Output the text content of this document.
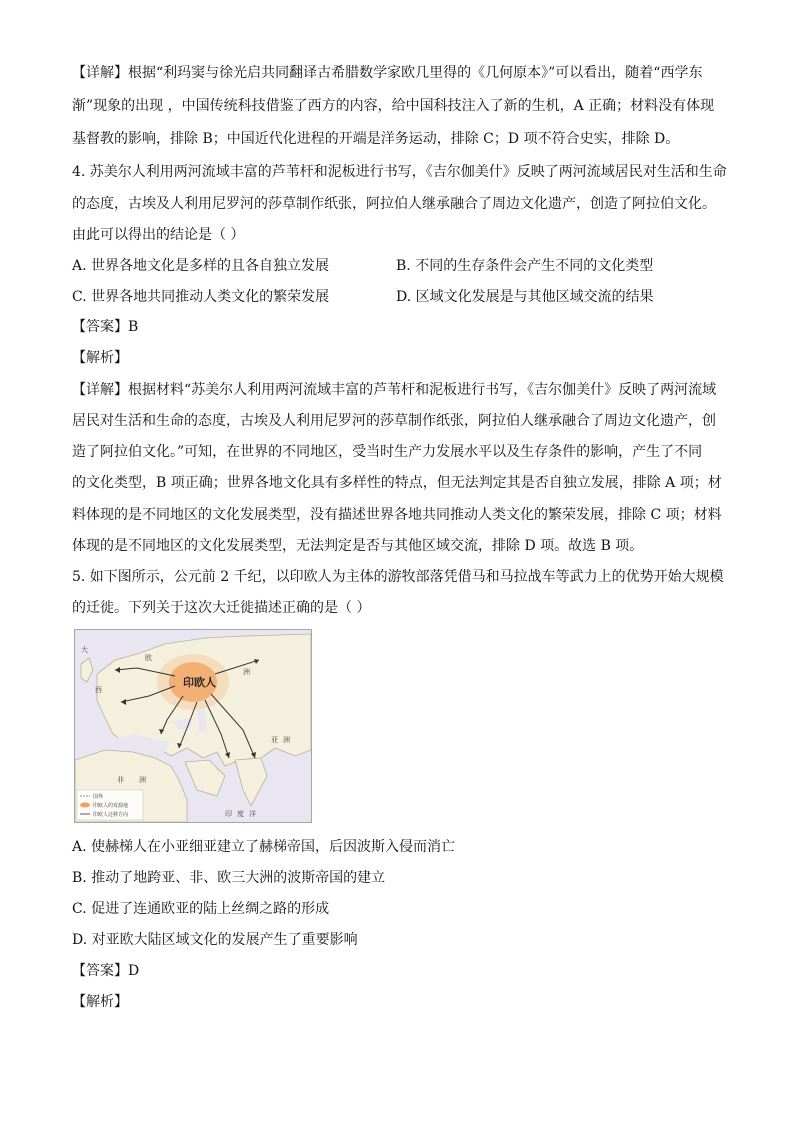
【详解】根据“利玛窦与徐光启共同翻译古希腊数学家欧几里得的《几何原本》”可以看出，随着“西学东
渐”现象的出现 ，中国传统科技借鉴了西方的内容，给中国科技注入了新的生机，A 正确；材料没有体现
基督教的影响，排除 B；中国近代化进程的开端是洋务运动，排除 C；D 项不符合史实，排除 D。
4. 苏美尔人利用两河流域丰富的芦苇杆和泥板进行书写，《吉尔伽美什》反映了两河流域居民对生活和生命
的态度，古埃及人利用尼罗河的莎草制作纸张，阿拉伯人继承融合了周边文化遗产，创造了阿拉伯文化。
由此可以得出的结论是（ ）
A. 世界各地文化是多样的且各自独立发展	B. 不同的生存条件会产生不同的文化类型
C. 世界各地共同推动人类文化的繁荣发展	D. 区域文化发展是与其他区域交流的结果
【答案】B
【解析】
【详解】根据材料“苏美尔人利用两河流域丰富的芦苇杆和泥板进行书写，《吉尔伽美什》反映了两河流域
居民对生活和生命的态度，古埃及人利用尼罗河的莎草制作纸张，阿拉伯人继承融合了周边文化遗产，创
造了阿拉伯文化。”可知，在世界的不同地区，受当时生产力发展水平以及生存条件的影响，产生了不同
的文化类型，B 项正确；世界各地文化具有多样性的特点，但无法判定其是否自独立发展，排除 A 项；材
料体现的是不同地区的文化发展类型，没有描述世界各地共同推动人类文化的繁荣发展，排除 C 项；材料
体现的是不同地区的文化发展类型，无法判定是否与其他区域交流，排除 D 项。故选 B 项。
5. 如下图所示，公元前 2 千纪，以印欧人为主体的游牧部落凭借马和马拉战车等武力上的优势开始大规模
的迁徙。下列关于这次大迁徙描述正确的是（ ）
印欧人
大
西
欧
洲
非 洲
印 度 洋
亚 洲
国界
印欧人的发源地
印欧人迁移方向
A. 使赫梯人在小亚细亚建立了赫梯帝国，后因波斯入侵而消亡
B. 推动了地跨亚、非、欧三大洲的波斯帝国的建立
C. 促进了连通欧亚的陆上丝绸之路的形成
D. 对亚欧大陆区域文化的发展产生了重要影响
【答案】D
【解析】
